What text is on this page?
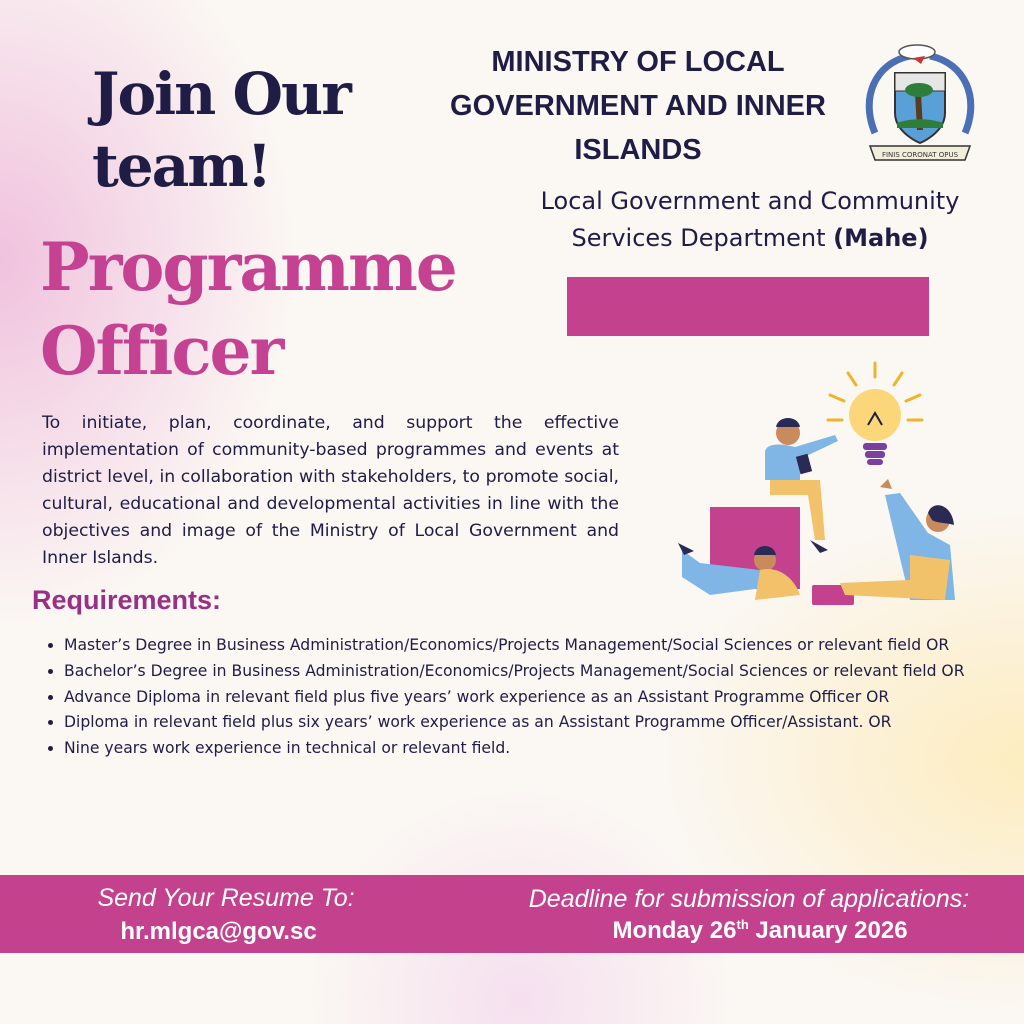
Join Our
team!
Programme
Officer
MINISTRY OF LOCAL
GOVERNMENT AND INNER
ISLANDS	FINIS CORONAT OPUS
Local Government and Community
Services Department (Mahe)
To initiate, plan, coordinate, and support the effective implementation of community-based programmes and events at district level, in collaboration with stakeholders, to promote social, cultural, educational and developmental activities in line with the objectives and image of the Ministry of Local Government and Inner Islands.
Requirements:
• Master’s Degree in Business Administration/Economics/Projects Management/Social Sciences or relevant field OR
• Bachelor’s Degree in Business Administration/Economics/Projects Management/Social Sciences or relevant field OR
• Advance Diploma in relevant field plus five years’ work experience as an Assistant Programme Officer OR
• Diploma in relevant field plus six years’ work experience as an Assistant Programme Officer/Assistant. OR
• Nine years work experience in technical or relevant field.
Send Your Resume To:
hr.mlgca@gov.sc
Deadline for submission of applications:
Monday 26th January 2026
